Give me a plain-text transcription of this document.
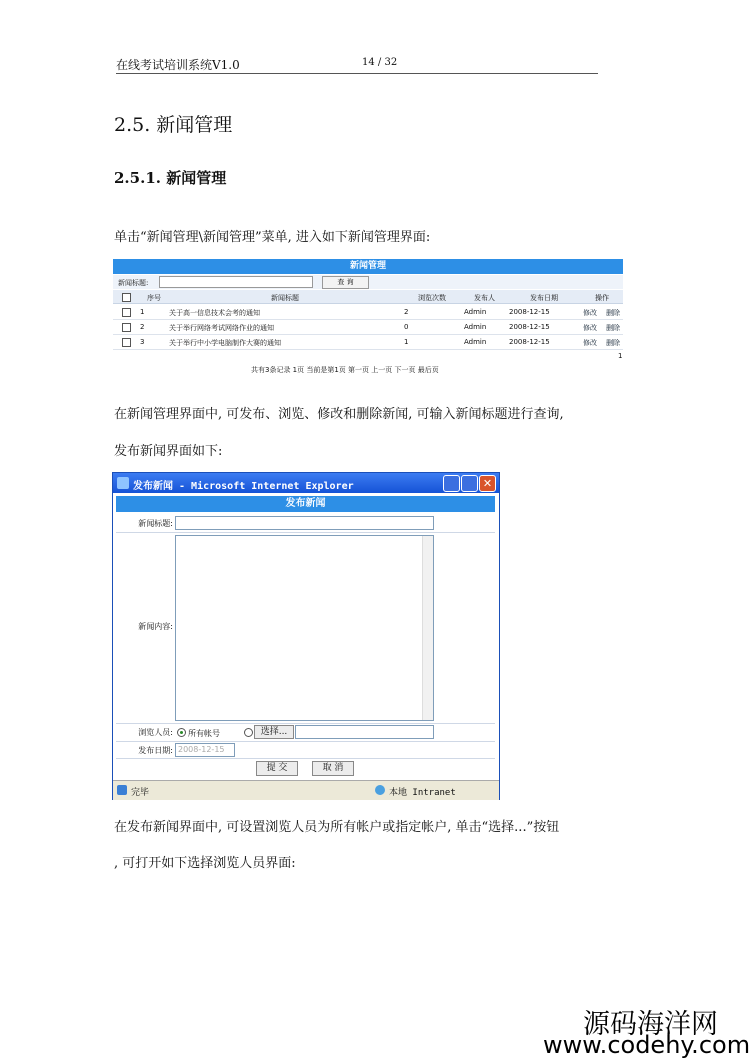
在线考试培训系统V1.0	14 / 32
2.5. 新闻管理
2.5.1. 新闻管理
单击“新闻管理\新闻管理”菜单, 进入如下新闻管理界面:
新闻管理
新闻标题:	查 询
序号	新闻标题	浏览次数	发布人	发布日期	操作
1	关于高一信息技术会考的通知	2	Admin	2008-12-15	修改 删除
2	关于举行网络考试网络作业的通知	0	Admin	2008-12-15	修改 删除
3	关于举行中小学电脑制作大赛的通知	1	Admin	2008-12-15	修改 删除
1
共有3条记录 1页 当前是第1页 第一页 上一页 下一页 最后页
在新闻管理界面中, 可发布、浏览、修改和删除新闻, 可输入新闻标题进行查询,
发布新闻界面如下:
发布新闻 - Microsoft Internet Explorer	✕
发布新闻
新闻标题:
新闻内容:
浏览人员: 所有帐号	选择...
发布日期: 2008-12-15
提 交	取 消
完毕	本地 Intranet
在发布新闻界面中, 可设置浏览人员为所有帐户或指定帐户, 单击“选择...”按钮
, 可打开如下选择浏览人员界面:
源码海洋网
www.codehy.com
